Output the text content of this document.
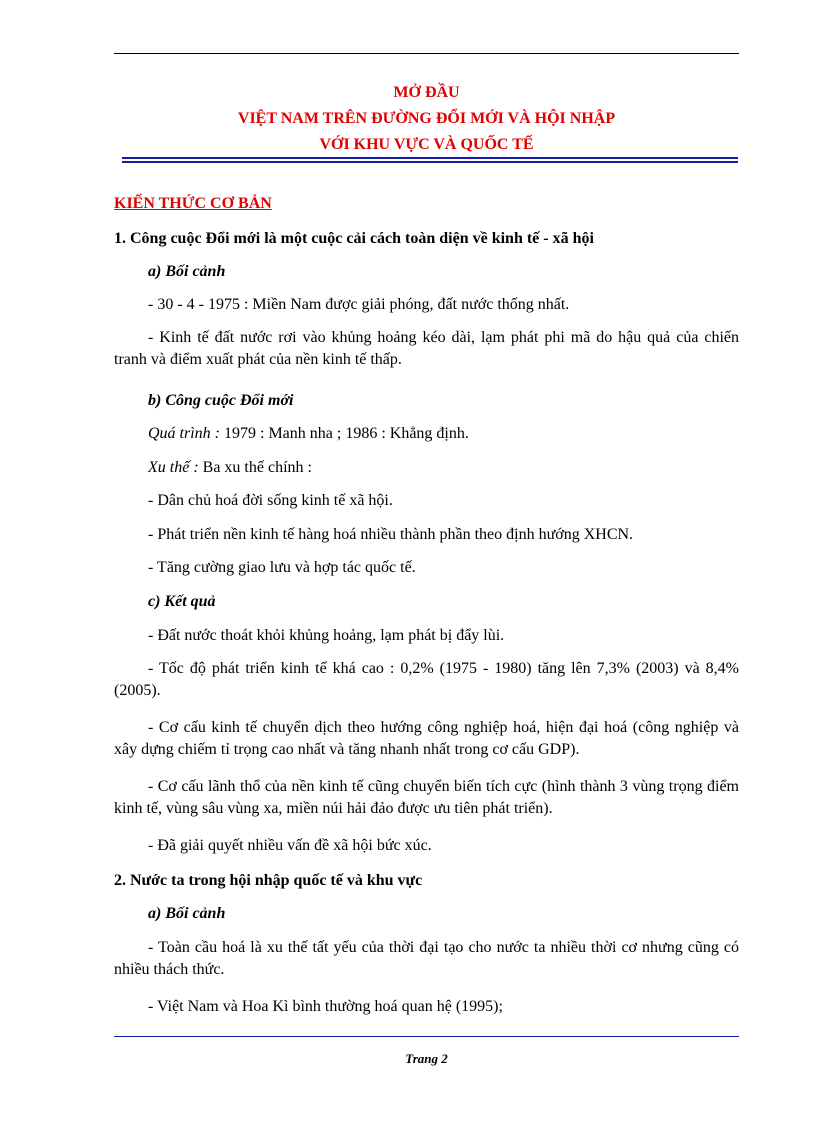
MỞ ĐẦU
VIỆT NAM TRÊN ĐƯỜNG ĐỔI MỚI VÀ HỘI NHẬP
VỚI KHU VỰC VÀ QUỐC TẾ
KIẾN THỨC CƠ BẢN
1. Công cuộc Đổi mới là một cuộc cải cách toàn diện về kinh tế - xã hội
a) Bối cảnh
- 30 - 4 - 1975 : Miền Nam được giải phóng, đất nước thống nhất.
- Kinh tế đất nước rơi vào khủng hoảng kéo dài, lạm phát phi mã do hậu quả của chiến tranh và điểm xuất phát của nền kinh tế thấp.
b) Công cuộc Đổi mới
Quá trình : 1979 : Manh nha ; 1986 : Khẳng định.
Xu thế : Ba xu thế chính :
- Dân chủ hoá đời sống kinh tế xã hội.
- Phát triển nền kinh tế hàng hoá nhiều thành phần theo định hướng XHCN.
- Tăng cường giao lưu và hợp tác quốc tế.
c) Kết quả
- Đất nước thoát khỏi khủng hoảng, lạm phát bị đẩy lùi.
- Tốc độ phát triển kinh tế khá cao : 0,2% (1975 - 1980) tăng lên 7,3% (2003) và 8,4% (2005).
- Cơ cấu kinh tế chuyển dịch theo hướng công nghiệp hoá, hiện đại hoá (công nghiệp và xây dựng chiếm tỉ trọng cao nhất và tăng nhanh nhất trong cơ cấu GDP).
- Cơ cấu lãnh thổ của nền kinh tế cũng chuyển biến tích cực (hình thành 3 vùng trọng điểm kinh tế, vùng sâu vùng xa, miền núi hải đảo được ưu tiên phát triển).
- Đã giải quyết nhiều vấn đề xã hội bức xúc.
2. Nước ta trong hội nhập quốc tế và khu vực
a) Bối cảnh
- Toàn cầu hoá là xu thế tất yếu của thời đại tạo cho nước ta nhiều thời cơ nhưng cũng có nhiều thách thức.
- Việt Nam và Hoa Kì bình thường hoá quan hệ (1995);
Trang 2
